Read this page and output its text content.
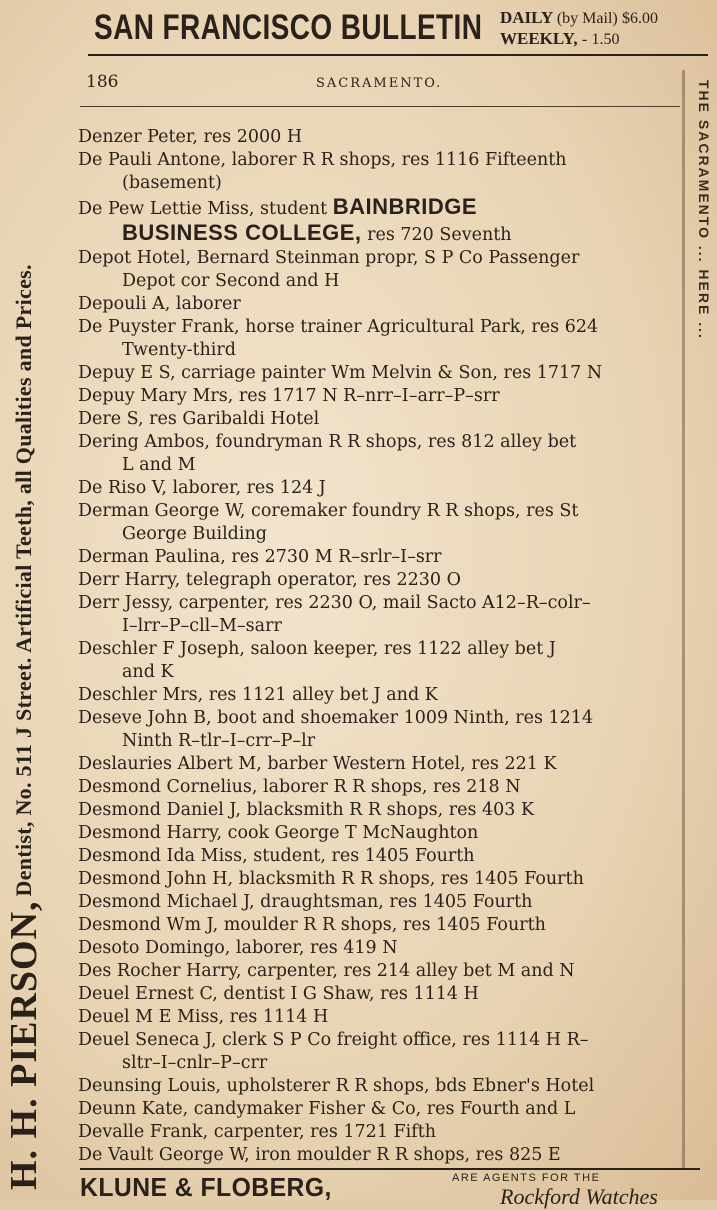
SAN FRANCISCO BULLETIN DAILY (by Mail) $6.00
WEEKLY, - 1.50
186	SACRAMENTO.
H. H. PIERSON, Dentist, No. 511 J Street. Artificial Teeth, all Qualities and Prices.
THE SACRAMENTO ... HERE ...
Denzer Peter, res 2000 H
De Pauli Antone, laborer R R shops, res 1116 Fifteenth
(basement)
De Pew Lettie Miss, student BAINBRIDGE
BUSINESS COLLEGE, res 720 Seventh
Depot Hotel, Bernard Steinman propr, S P Co Passenger
Depot cor Second and H
Depouli A, laborer
De Puyster Frank, horse trainer Agricultural Park, res 624
Twenty-third
Depuy E S, carriage painter Wm Melvin & Son, res 1717 N
Depuy Mary Mrs, res 1717 N R–nrr–I–arr–P–srr
Dere S, res Garibaldi Hotel
Dering Ambos, foundryman R R shops, res 812 alley bet
L and M
De Riso V, laborer, res 124 J
Derman George W, coremaker foundry R R shops, res St
George Building
Derman Paulina, res 2730 M R–srlr–I–srr
Derr Harry, telegraph operator, res 2230 O
Derr Jessy, carpenter, res 2230 O, mail Sacto A12–R–colr–
I–lrr–P–cll–M–sarr
Deschler F Joseph, saloon keeper, res 1122 alley bet J
and K
Deschler Mrs, res 1121 alley bet J and K
Deseve John B, boot and shoemaker 1009 Ninth, res 1214
Ninth R–tlr–I–crr–P–lr
Deslauries Albert M, barber Western Hotel, res 221 K
Desmond Cornelius, laborer R R shops, res 218 N
Desmond Daniel J, blacksmith R R shops, res 403 K
Desmond Harry, cook George T McNaughton
Desmond Ida Miss, student, res 1405 Fourth
Desmond John H, blacksmith R R shops, res 1405 Fourth
Desmond Michael J, draughtsman, res 1405 Fourth
Desmond Wm J, moulder R R shops, res 1405 Fourth
Desoto Domingo, laborer, res 419 N
Des Rocher Harry, carpenter, res 214 alley bet M and N
Deuel Ernest C, dentist I G Shaw, res 1114 H
Deuel M E Miss, res 1114 H
Deuel Seneca J, clerk S P Co freight office, res 1114 H R–
sltr–I–cnlr–P–crr
Deunsing Louis, upholsterer R R shops, bds Ebner's Hotel
Deunn Kate, candymaker Fisher & Co, res Fourth and L
Devalle Frank, carpenter, res 1721 Fifth
De Vault George W, iron moulder R R shops, res 825 E
KLUNE & FLOBERG,	ARE AGENTS FOR THE
Rockford Watches
